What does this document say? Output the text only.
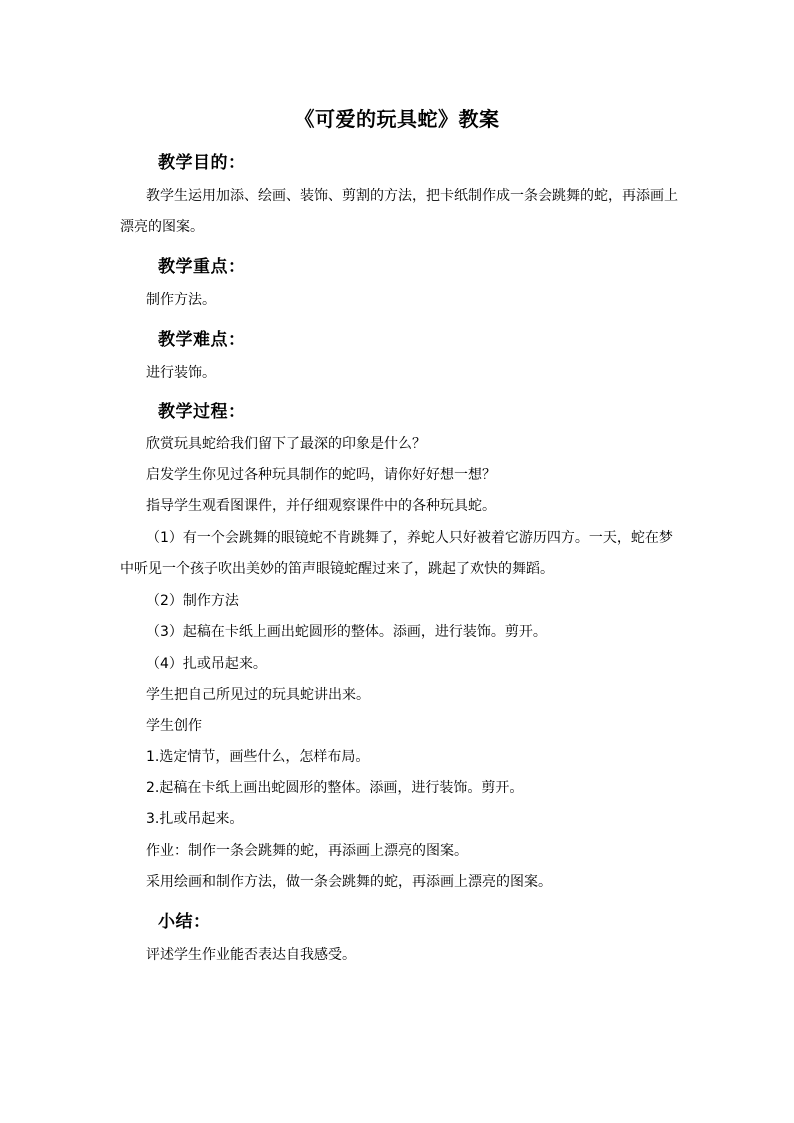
《可爱的玩具蛇》教案
教学目的：
教学生运用加添、绘画、装饰、剪割的方法，把卡纸制作成一条会跳舞的蛇，再添画上
漂亮的图案。
教学重点：
制作方法。
教学难点：
进行装饰。
教学过程：
欣赏玩具蛇给我们留下了最深的印象是什么？
启发学生你见过各种玩具制作的蛇吗，请你好好想一想？
指导学生观看图课件，并仔细观察课件中的各种玩具蛇。
（1）有一个会跳舞的眼镜蛇不肯跳舞了，养蛇人只好被着它游历四方。一天，蛇在梦
中听见一个孩子吹出美妙的笛声眼镜蛇醒过来了，跳起了欢快的舞蹈。
（2）制作方法
（3）起稿在卡纸上画出蛇圆形的整体。添画，进行装饰。剪开。
（4）扎或吊起来。
学生把自己所见过的玩具蛇讲出来。
学生创作
1.选定情节，画些什么，怎样布局。
2.起稿在卡纸上画出蛇圆形的整体。添画，进行装饰。剪开。
3.扎或吊起来。
作业：制作一条会跳舞的蛇，再添画上漂亮的图案。
采用绘画和制作方法，做一条会跳舞的蛇，再添画上漂亮的图案。
小结：
评述学生作业能否表达自我感受。
